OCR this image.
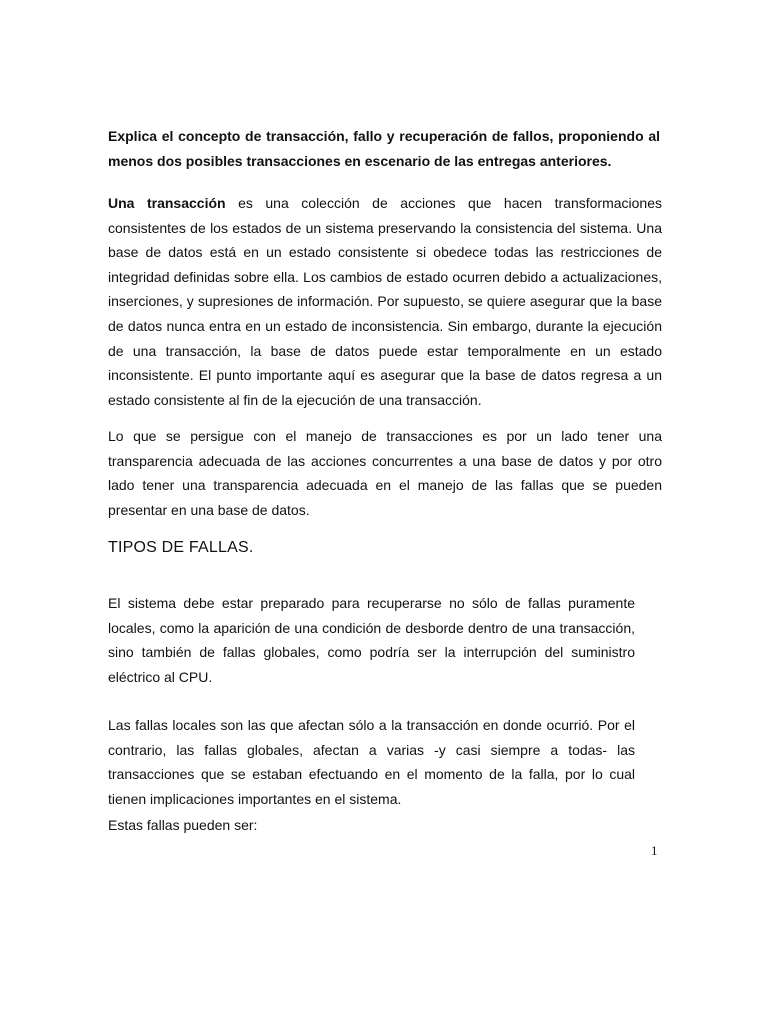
Explica el concepto de transacción, fallo y recuperación de fallos, proponiendo al menos dos posibles transacciones en escenario de las entregas anteriores.

Una transacción es una colección de acciones que hacen transformaciones consistentes de los estados de un sistema preservando la consistencia del sistema. Una base de datos está en un estado consistente si obedece todas las restricciones de integridad definidas sobre ella. Los cambios de estado ocurren debido a actualizaciones, inserciones, y supresiones de información. Por supuesto, se quiere asegurar que la base de datos nunca entra en un estado de inconsistencia. Sin embargo, durante la ejecución de una transacción, la base de datos puede estar temporalmente en un estado inconsistente. El punto importante aquí es asegurar que la base de datos regresa a un estado consistente al fin de la ejecución de una transacción.

Lo que se persigue con el manejo de transacciones es por un lado tener una transparencia adecuada de las acciones concurrentes a una base de datos y por otro lado tener una transparencia adecuada en el manejo de las fallas que se pueden presentar en una base de datos.

TIPOS DE FALLAS.

El sistema debe estar preparado para recuperarse no sólo de fallas puramente locales, como la aparición de una condición de desborde dentro de una transacción, sino también de fallas globales, como podría ser la interrupción del suministro eléctrico al CPU.

Las fallas locales son las que afectan sólo a la transacción en donde ocurrió. Por el contrario, las fallas globales, afectan a varias -y casi siempre a todas- las transacciones que se estaban efectuando en el momento de la falla, por lo cual tienen implicaciones importantes en el sistema.

Estas fallas pueden ser:

1
